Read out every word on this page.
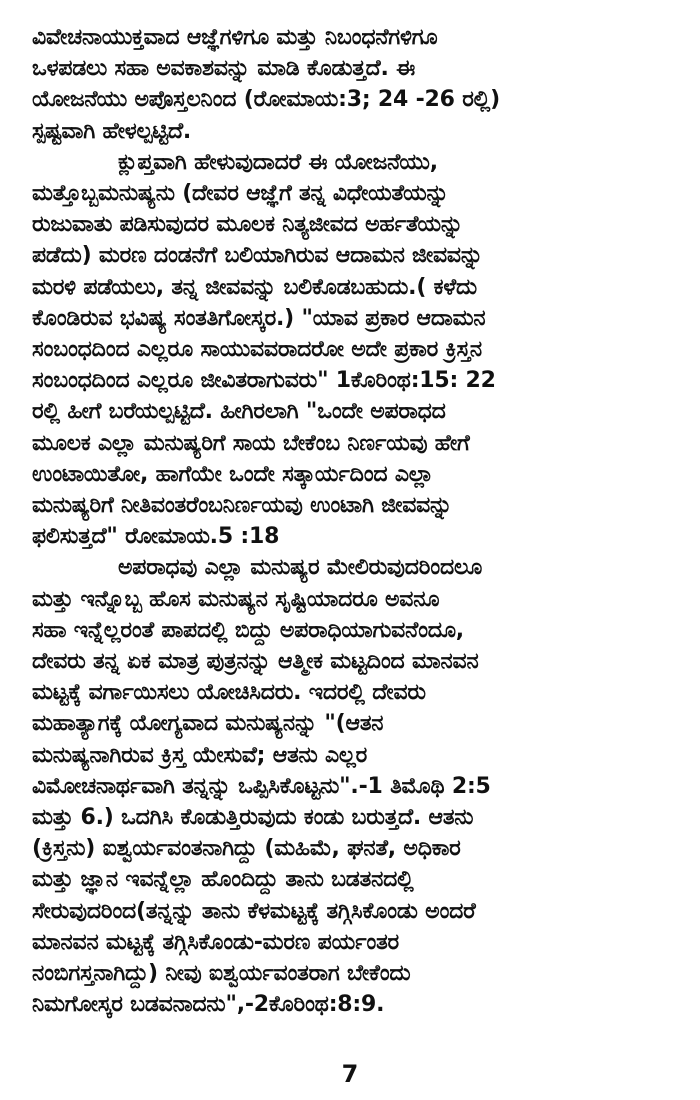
ವಿವೇಚನಾಯುಕ್ತವಾದ ಆಜ್ಞೆಗಳಿಗೂ ಮತ್ತು ನಿಬಂಧನೆಗಳಿಗೂ
ಒಳಪಡಲು ಸಹಾ ಅವಕಾಶವನ್ನು ಮಾಡಿ ಕೊಡುತ್ತದೆ. ಈ
ಯೋಜನೆಯು ಅಪೊಸ್ತಲನಿಂದ (ರೋಮಾಯ:3; 24 -26 ರಲ್ಲಿ)
ಸ್ಪಷ್ಟವಾಗಿ ಹೇಳಲ್ಪಟ್ಟಿದೆ.
ಕ್ಲುಪ್ತವಾಗಿ ಹೇಳುವುದಾದರೆ ಈ ಯೋಜನೆಯು,
ಮತ್ತೊಬ್ಬಮನುಷ್ಯನು (ದೇವರ ಆಜ್ಞೆಗೆ ತನ್ನ ವಿಧೇಯತೆಯನ್ನು
ರುಜುವಾತು ಪಡಿಸುವುದರ ಮೂಲಕ ನಿತ್ಯಜೀವದ ಅರ್ಹತೆಯನ್ನು
ಪಡೆದು) ಮರಣ ದಂಡನೆಗೆ ಬಲಿಯಾಗಿರುವ ಆದಾಮನ ಜೀವವನ್ನು
ಮರಳಿ ಪಡೆಯಲು, ತನ್ನ ಜೀವವನ್ನು ಬಲಿಕೊಡಬಹುದು.( ಕಳೆದು
ಕೊಂಡಿರುವ ಭವಿಷ್ಯ ಸಂತತಿಗೋಸ್ಕರ.) "ಯಾವ ಪ್ರಕಾರ ಆದಾಮನ
ಸಂಬಂಧದಿಂದ ಎಲ್ಲರೂ ಸಾಯುವವರಾದರೋ ಅದೇ ಪ್ರಕಾರ ಕ್ರಿಸ್ತನ
ಸಂಬಂಧದಿಂದ ಎಲ್ಲರೂ ಜೀವಿತರಾಗುವರು" 1ಕೊರಿಂಥ:15: 22
ರಲ್ಲಿ ಹೀಗೆ ಬರೆಯಲ್ಪಟ್ಟಿದೆ. ಹೀಗಿರಲಾಗಿ "ಒಂದೇ ಅಪರಾಧದ
ಮೂಲಕ ಎಲ್ಲಾ ಮನುಷ್ಯರಿಗೆ ಸಾಯ ಬೇಕೆಂಬ ನಿರ್ಣಯವು ಹೇಗೆ
ಉಂಟಾಯಿತೋ, ಹಾಗೆಯೇ ಒಂದೇ ಸತ್ಕಾರ್ಯದಿಂದ ಎಲ್ಲಾ
ಮನುಷ್ಯರಿಗೆ ನೀತಿವಂತರೆಂಬನಿರ್ಣಯವು ಉಂಟಾಗಿ ಜೀವವನ್ನು
ಫಲಿಸುತ್ತದೆ" ರೋಮಾಯ.5 :18
ಅಪರಾಧವು ಎಲ್ಲಾ ಮನುಷ್ಯರ ಮೇಲಿರುವುದರಿಂದಲೂ
ಮತ್ತು ಇನ್ನೊಬ್ಬ ಹೊಸ ಮನುಷ್ಯನ ಸೃಷ್ಟಿಯಾದರೂ ಅವನೂ
ಸಹಾ ಇನ್ನೆಲ್ಲರಂತೆ ಪಾಪದಲ್ಲಿ ಬಿದ್ದು ಅಪರಾಧಿಯಾಗುವನೆಂದೂ,
ದೇವರು ತನ್ನ ಏಕ ಮಾತ್ರ ಪುತ್ರನನ್ನು ಆತ್ಮೀಕ ಮಟ್ಟದಿಂದ ಮಾನವನ
ಮಟ್ಟಕ್ಕೆ ವರ್ಗಾಯಿಸಲು ಯೋಚಿಸಿದರು. ಇದರಲ್ಲಿ ದೇವರು
ಮಹಾತ್ಯಾಗಕ್ಕೆ ಯೋಗ್ಯವಾದ ಮನುಷ್ಯನನ್ನು "(ಆತನ
ಮನುಷ್ಯನಾಗಿರುವ ಕ್ರಿಸ್ತ ಯೇಸುವೆ; ಆತನು ಎಲ್ಲರ
ವಿಮೋಚನಾರ್ಥವಾಗಿ ತನ್ನನ್ನು ಒಪ್ಪಿಸಿಕೊಟ್ಟನು".-1 ತಿಮೊಥಿ 2:5
ಮತ್ತು 6.) ಒದಗಿಸಿ ಕೊಡುತ್ತಿರುವುದು ಕಂಡು ಬರುತ್ತದೆ. ಆತನು
(ಕ್ರಿಸ್ತನು) ಐಶ್ವರ್ಯವಂತನಾಗಿದ್ದು (ಮಹಿಮೆ, ಘನತೆ, ಅಧಿಕಾರ
ಮತ್ತು ಜ್ಞಾನ ಇವನ್ನೆಲ್ಲಾ ಹೊಂದಿದ್ದು ತಾನು ಬಡತನದಲ್ಲಿ
ಸೇರುವುದರಿಂದ(ತನ್ನನ್ನು ತಾನು ಕೆಳಮಟ್ಟಕ್ಕೆ ತಗ್ಗಿಸಿಕೊಂಡು ಅಂದರೆ
ಮಾನವನ ಮಟ್ಟಕ್ಕೆ ತಗ್ಗಿಸಿಕೊಂಡು-ಮರಣ ಪರ್ಯಂತರ
ನಂಬಿಗಸ್ತನಾಗಿದ್ದು) ನೀವು ಐಶ್ವರ್ಯವಂತರಾಗ ಬೇಕೆಂದು
ನಿಮಗೋಸ್ಕರ ಬಡವನಾದನು",-2ಕೊರಿಂಥ:8:9.
7
